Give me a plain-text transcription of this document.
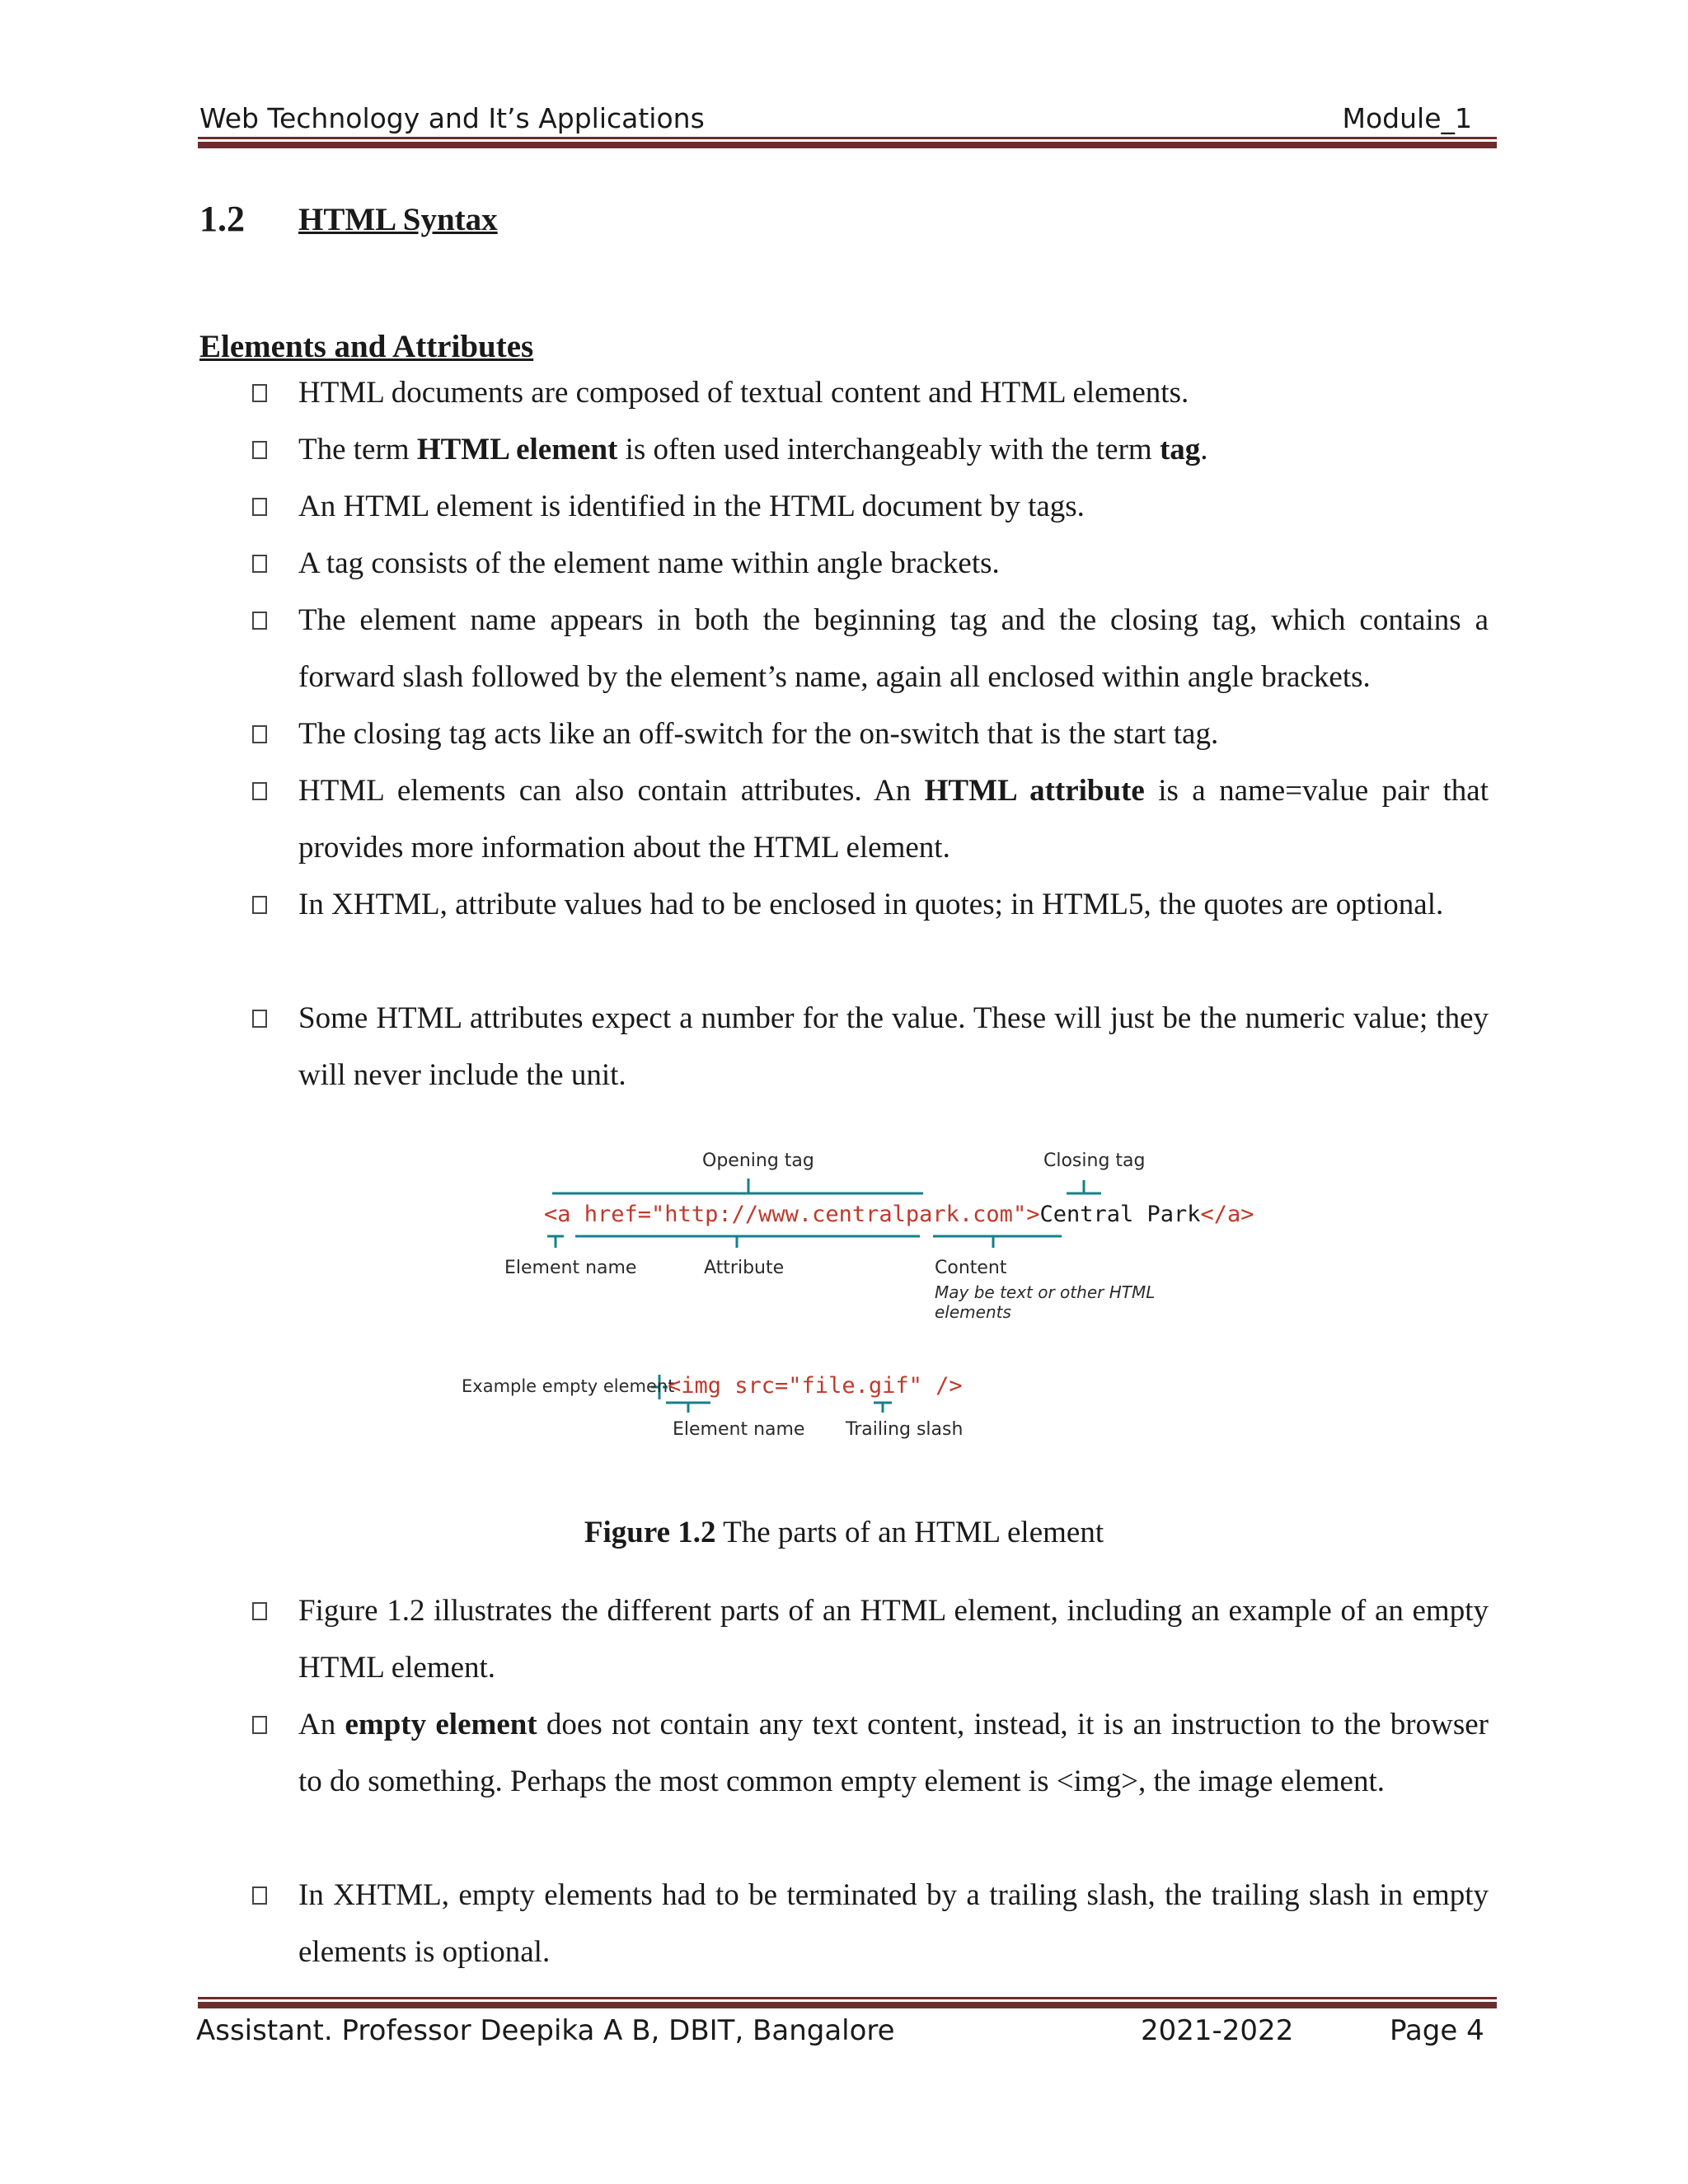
Web Technology and It’s Applications	Module_1
1.2 HTML Syntax
Elements and Attributes
HTML documents are composed of textual content and HTML elements.
The term HTML element is often used interchangeably with the term tag.
An HTML element is identified in the HTML document by tags.
A tag consists of the element name within angle brackets.
The element name appears in both the beginning tag and the closing tag, which contains a forward slash followed by the element’s name, again all enclosed within angle brackets.
The closing tag acts like an off-switch for the on-switch that is the start tag.
HTML elements can also contain attributes. An HTML attribute is a name=value pair that provides more information about the HTML element.
In XHTML, attribute values had to be enclosed in quotes; in HTML5, the quotes are optional.
Some HTML attributes expect a number for the value. These will just be the numeric value; they will never include the unit.
Opening tag	Closing tag
<a href="http://www.centralpark.com">Central Park</a>
Element name	Attribute	Content
May be text or other HTML elements
Example empty element
<img src="file.gif" />
Element name Trailing slash
Figure 1.2 The parts of an HTML element
Figure 1.2 illustrates the different parts of an HTML element, including an example of an empty HTML element.
An empty element does not contain any text content, instead, it is an instruction to the browser to do something. Perhaps the most common empty element is <img>, the image element.
In XHTML, empty elements had to be terminated by a trailing slash, the trailing slash in empty elements is optional.
Assistant. Professor Deepika A B, DBIT, Bangalore	2021-2022	Page 4
